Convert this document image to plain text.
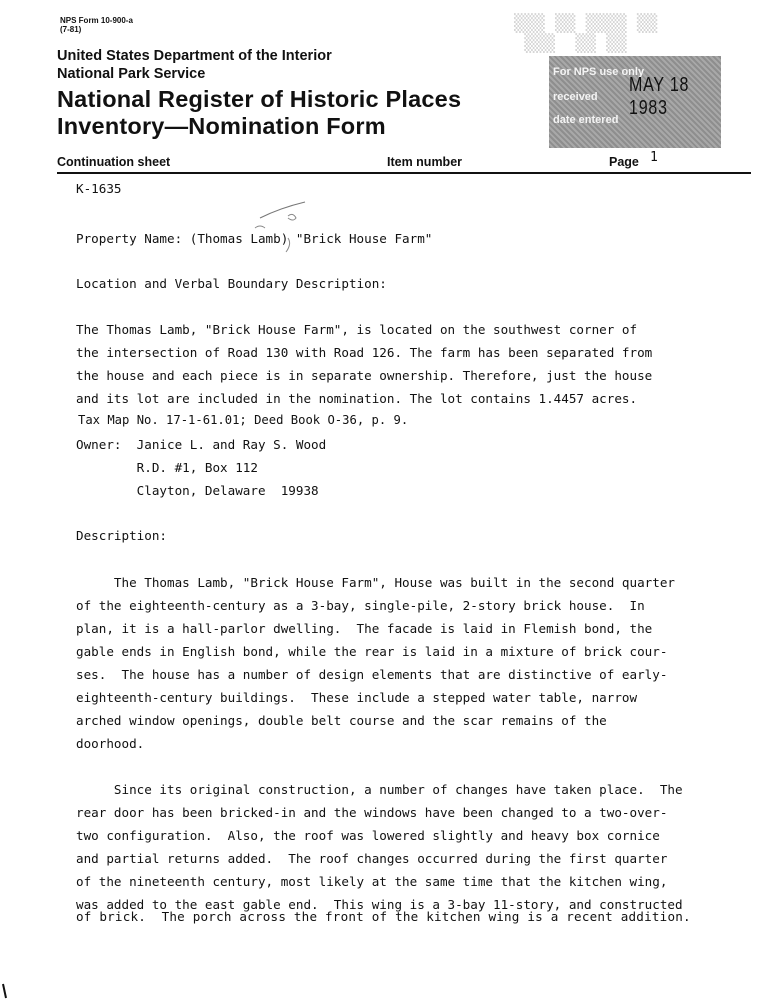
NPS Form 10-900-a
(7-81)
United States Department of the Interior
National Park Service
National Register of Historic Places
Inventory—Nomination Form
▒▒▒ ▒▒ ▒▒▒▒ ▒▒
▒▒▒  ▒▒ ▒▒
For NPS use only
received
date entered
MAY 18 1983
Continuation sheet	Item number	Page 1
K-1635
Property Name: (Thomas Lamb) "Brick House Farm"
Location and Verbal Boundary Description:
The Thomas Lamb, "Brick House Farm", is located on the southwest corner of
the intersection of Road 130 with Road 126. The farm has been separated from
the house and each piece is in separate ownership. Therefore, just the house
and its lot are included in the nomination. The lot contains 1.4457 acres.
Tax Map No. 17-1-61.01; Deed Book O-36, p. 9.
Owner:  Janice L. and Ray S. Wood
R.D. #1, Box 112
Clayton, Delaware  19938
Description:
The Thomas Lamb, "Brick House Farm", House was built in the second quarter
of the eighteenth-century as a 3-bay, single-pile, 2-story brick house.  In
plan, it is a hall-parlor dwelling.  The facade is laid in Flemish bond, the
gable ends in English bond, while the rear is laid in a mixture of brick cour-
ses.  The house has a number of design elements that are distinctive of early-
eighteenth-century buildings.  These include a stepped water table, narrow
arched window openings, double belt course and the scar remains of the
doorhood.
Since its original construction, a number of changes have taken place.  The
rear door has been bricked-in and the windows have been changed to a two-over-
two configuration.  Also, the roof was lowered slightly and heavy box cornice
and partial returns added.  The roof changes occurred during the first quarter
of the nineteenth century, most likely at the same time that the kitchen wing,
was added to the east gable end.  This wing is a 3-bay 11-story, and constructed
of brick.  The porch across the front of the kitchen wing is a recent addition.
